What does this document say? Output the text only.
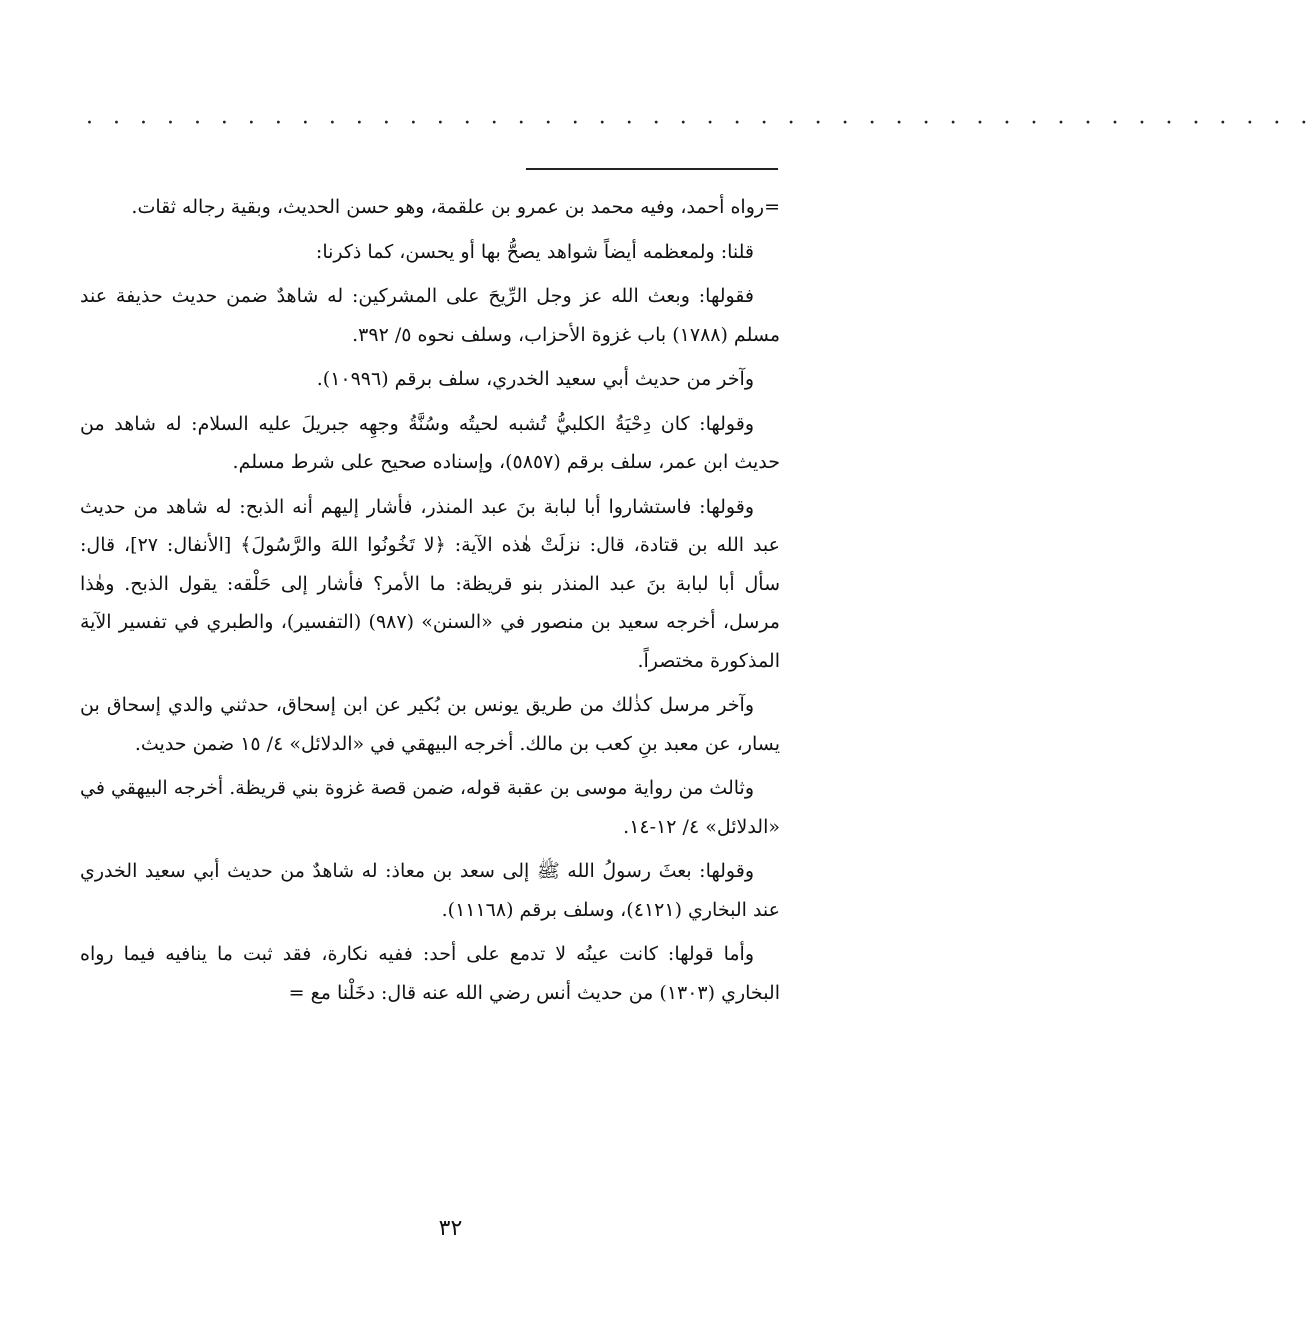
· · · · · · · · · · · · · · · · · · · · · · · · · · · · · · · · · · · · · · · · · · · · · ·

=رواه أحمد، وفيه محمد بن عمرو بن علقمة، وهو حسن الحديث، وبقية رجاله ثقات.

قلنا: ولمعظمه أيضاً شواهد يصحُّ بها أو يحسن، كما ذكرنا:

فقولها: وبعث الله عز وجل الرِّيحَ على المشركين: له شاهدٌ ضمن حديث حذيفة عند مسلم (١٧٨٨) باب غزوة الأحزاب، وسلف نحوه ٥/ ٣٩٢.

وآخر من حديث أبي سعيد الخدري، سلف برقم (١٠٩٩٦).

وقولها: كان دِحْيَةُ الكلبيُّ تُشبه لحيتُه وسُنَّةُ وجهِه جبريلَ عليه السلام: له شاهد من حديث ابن عمر، سلف برقم (٥٨٥٧)، وإسناده صحيح على شرط مسلم.

وقولها: فاستشاروا أبا لبابة بنَ عبد المنذر، فأشار إليهم أنه الذبح: له شاهد من حديث عبد الله بن قتادة، قال: نزلَتْ هٰذه الآية: ﴿لا تَخُونُوا اللهَ والرَّسُولَ﴾ [الأنفال: ٢٧]، قال: سأل أبا لبابة بنَ عبد المنذر بنو قريظة: ما الأمر؟ فأشار إلى حَلْقه: يقول الذبح. وهٰذا مرسل، أخرجه سعيد بن منصور في «السنن» (٩٨٧) (التفسير)، والطبري في تفسير الآية المذكورة مختصراً.

وآخر مرسل كذٰلك من طريق يونس بن بُكير عن ابن إسحاق، حدثني والدي إسحاق بن يسار، عن معبد بنِ كعب بن مالك. أخرجه البيهقي في «الدلائل» ٤/ ١٥ ضمن حديث.

وثالث من رواية موسى بن عقبة قوله، ضمن قصة غزوة بني قريظة. أخرجه البيهقي في «الدلائل» ٤/ ١٢-١٤.

وقولها: بعثَ رسولُ الله ﷺ إلى سعد بن معاذ: له شاهدٌ من حديث أبي سعيد الخدري عند البخاري (٤١٢١)، وسلف برقم (١١١٦٨).

وأما قولها: كانت عينُه لا تدمع على أحد: ففيه نكارة، فقد ثبت ما ينافيه فيما رواه البخاري (١٣٠٣) من حديث أنس رضي الله عنه قال: دخَلْنا مع =

٣٢
